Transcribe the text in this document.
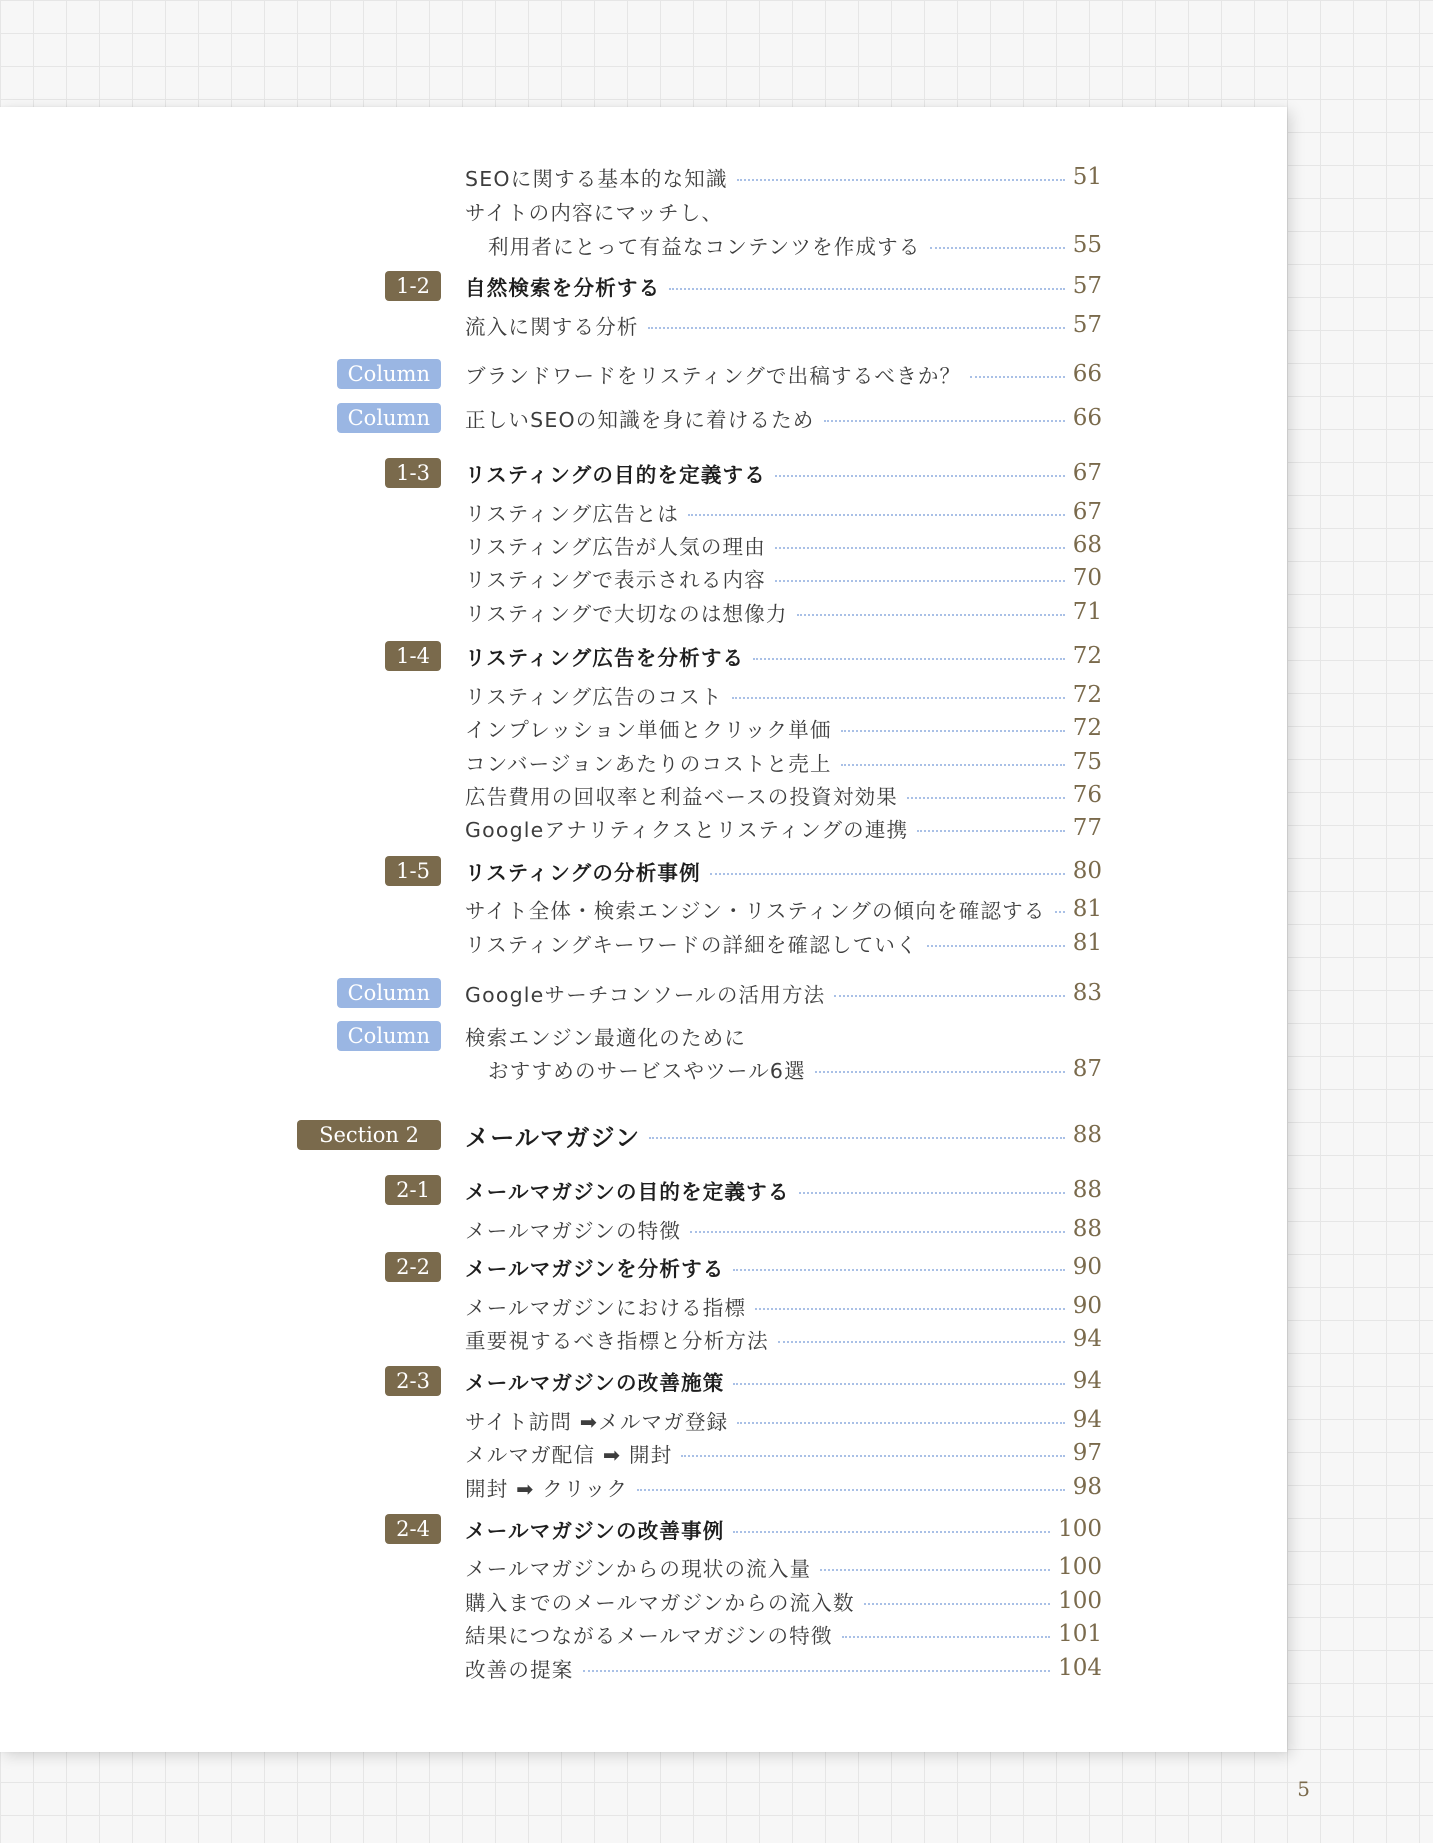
SEOに関する基本的な知識	51
サイトの内容にマッチし、
利用者にとって有益なコンテンツを作成する	55
1-2	自然検索を分析する	57
流入に関する分析	57
Column	ブランドワードをリスティングで出稿するべきか？	66
Column	正しいSEOの知識を身に着けるため	66
1-3	リスティングの目的を定義する	67
リスティング広告とは	67
リスティング広告が人気の理由	68
リスティングで表示される内容	70
リスティングで大切なのは想像力	71
1-4	リスティング広告を分析する	72
リスティング広告のコスト	72
インプレッション単価とクリック単価	72
コンバージョンあたりのコストと売上	75
広告費用の回収率と利益ベースの投資対効果	76
Googleアナリティクスとリスティングの連携	77
1-5	リスティングの分析事例	80
サイト全体・検索エンジン・リスティングの傾向を確認する	81
リスティングキーワードの詳細を確認していく	81
Column	Googleサーチコンソールの活用方法	83
Column	検索エンジン最適化のために
おすすめのサービスやツール6選	87
Section 2	メールマガジン	88
2-1	メールマガジンの目的を定義する	88
メールマガジンの特徴	88
2-2	メールマガジンを分析する	90
メールマガジンにおける指標	90
重要視するべき指標と分析方法	94
2-3	メールマガジンの改善施策	94
サイト訪問 ➡メルマガ登録	94
メルマガ配信 ➡ 開封	97
開封 ➡ クリック	98
2-4	メールマガジンの改善事例	100
メールマガジンからの現状の流入量	100
購入までのメールマガジンからの流入数	100
結果につながるメールマガジンの特徴	101
改善の提案	104
5
